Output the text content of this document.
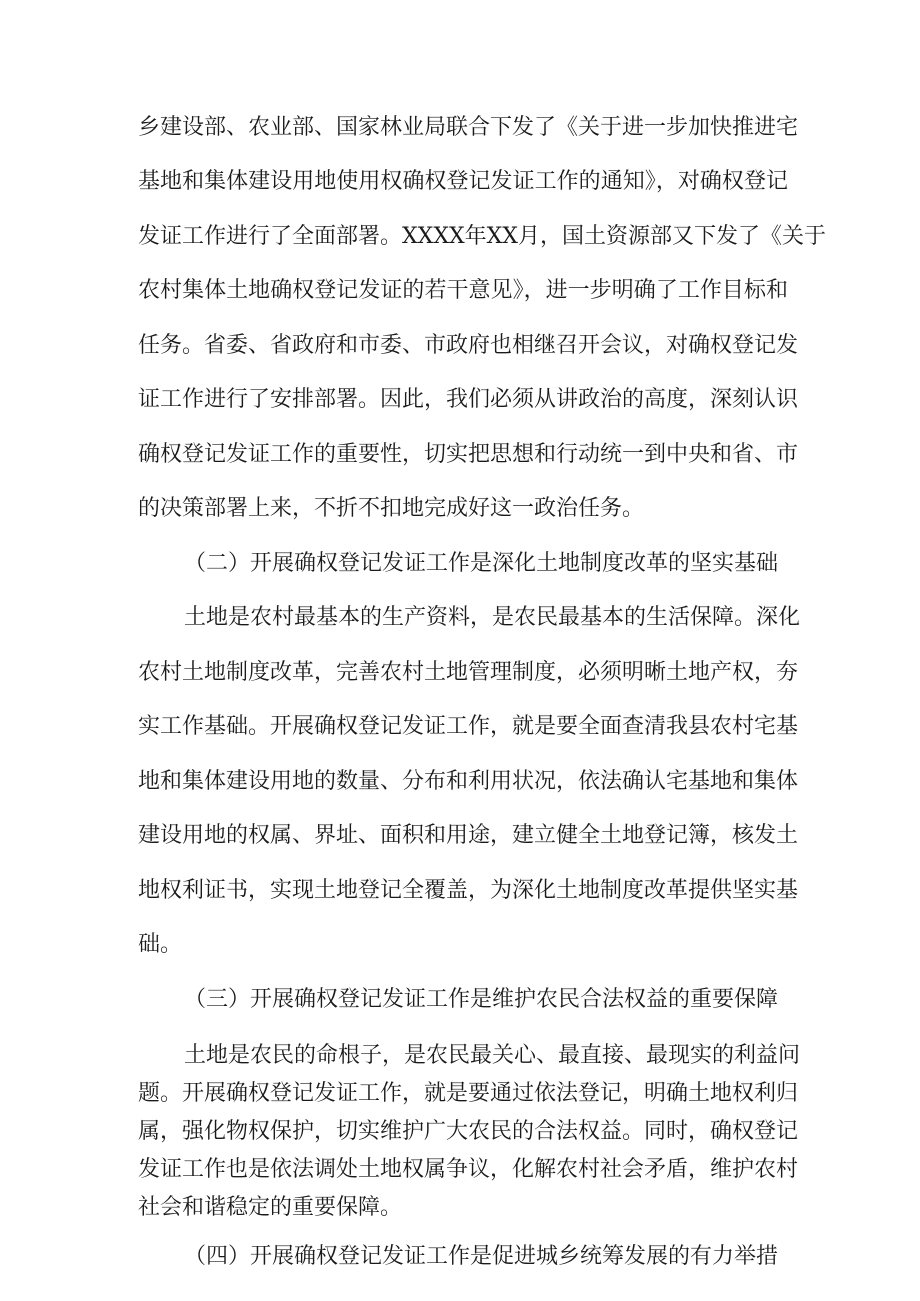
乡建设部、农业部、国家林业局联合下发了《关于进一步加快推进宅
基地和集体建设用地使用权确权登记发证工作的通知》，对确权登记
发证工作进行了全面部署。XXXX年XX月，国土资源部又下发了《关于
农村集体土地确权登记发证的若干意见》，进一步明确了工作目标和
任务。省委、省政府和市委、市政府也相继召开会议，对确权登记发
证工作进行了安排部署。因此，我们必须从讲政治的高度，深刻认识
确权登记发证工作的重要性，切实把思想和行动统一到中央和省、市
的决策部署上来，不折不扣地完成好这一政治任务。
（二）开展确权登记发证工作是深化土地制度改革的坚实基础
土地是农村最基本的生产资料，是农民最基本的生活保障。深化
农村土地制度改革，完善农村土地管理制度，必须明晰土地产权，夯
实工作基础。开展确权登记发证工作，就是要全面查清我县农村宅基
地和集体建设用地的数量、分布和利用状况，依法确认宅基地和集体
建设用地的权属、界址、面积和用途，建立健全土地登记簿，核发土
地权利证书，实现土地登记全覆盖，为深化土地制度改革提供坚实基
础。
（三）开展确权登记发证工作是维护农民合法权益的重要保障
土地是农民的命根子，是农民最关心、最直接、最现实的利益问
题。开展确权登记发证工作，就是要通过依法登记，明确土地权利归
属，强化物权保护，切实维护广大农民的合法权益。同时，确权登记
发证工作也是依法调处土地权属争议，化解农村社会矛盾，维护农村
社会和谐稳定的重要保障。
（四）开展确权登记发证工作是促进城乡统筹发展的有力举措
